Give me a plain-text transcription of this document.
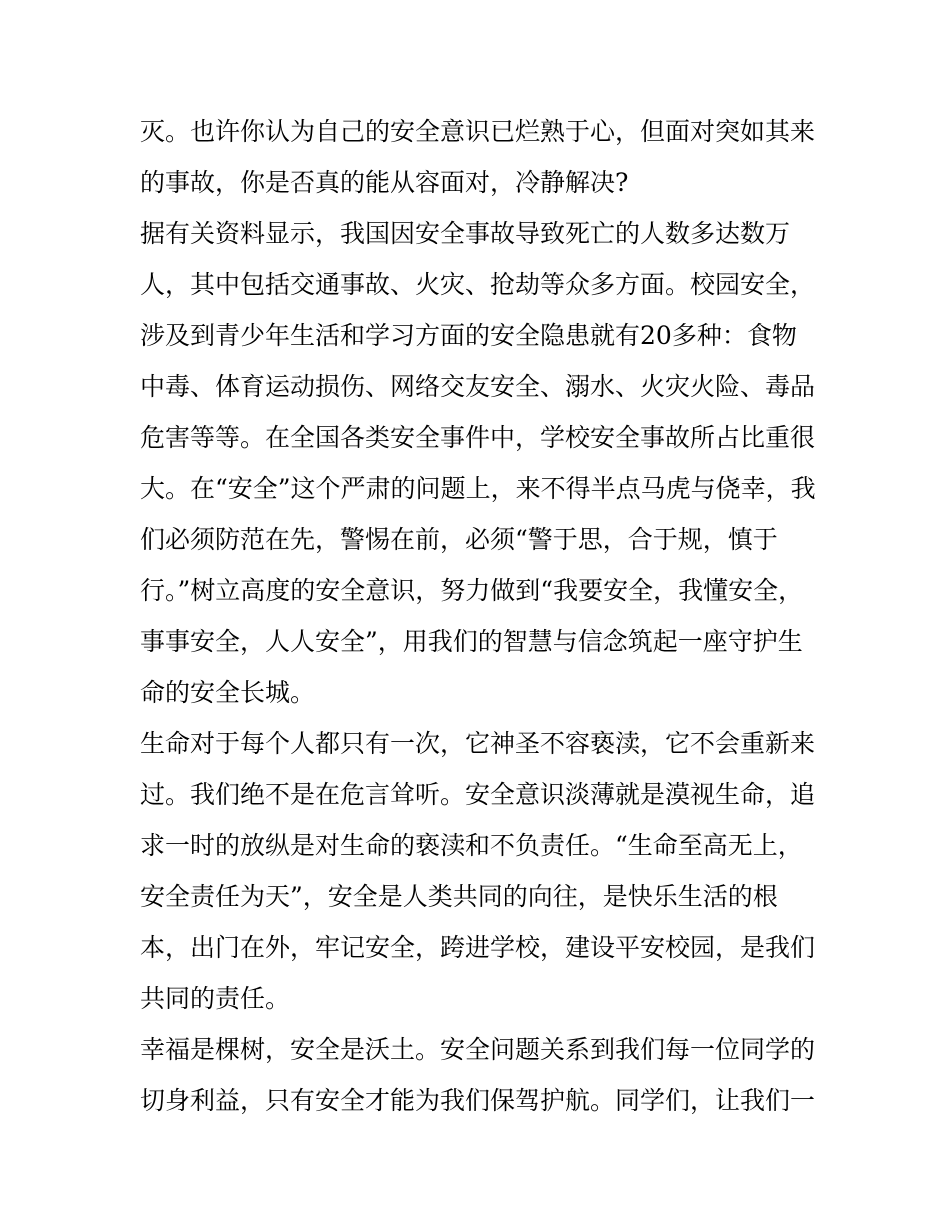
灭。也许你认为自己的安全意识已烂熟于心，但面对突如其来
的事故，你是否真的能从容面对，冷静解决?
据有关资料显示，我国因安全事故导致死亡的人数多达数万
人，其中包括交通事故、火灾、抢劫等众多方面。校园安全，
涉及到青少年生活和学习方面的安全隐患就有20多种：食物
中毒、体育运动损伤、网络交友安全、溺水、火灾火险、毒品
危害等等。在全国各类安全事件中，学校安全事故所占比重很
大。在“安全”这个严肃的问题上，来不得半点马虎与侥幸，我
们必须防范在先，警惕在前，必须“警于思，合于规，慎于
行。”树立高度的安全意识，努力做到“我要安全，我懂安全，
事事安全，人人安全”，用我们的智慧与信念筑起一座守护生
命的安全长城。
生命对于每个人都只有一次，它神圣不容亵渎，它不会重新来
过。我们绝不是在危言耸听。安全意识淡薄就是漠视生命，追
求一时的放纵是对生命的亵渎和不负责任。“生命至高无上，
安全责任为天”，安全是人类共同的向往，是快乐生活的根
本，出门在外，牢记安全，跨进学校，建设平安校园，是我们
共同的责任。
幸福是棵树，安全是沃土。安全问题关系到我们每一位同学的
切身利益，只有安全才能为我们保驾护航。同学们，让我们一
